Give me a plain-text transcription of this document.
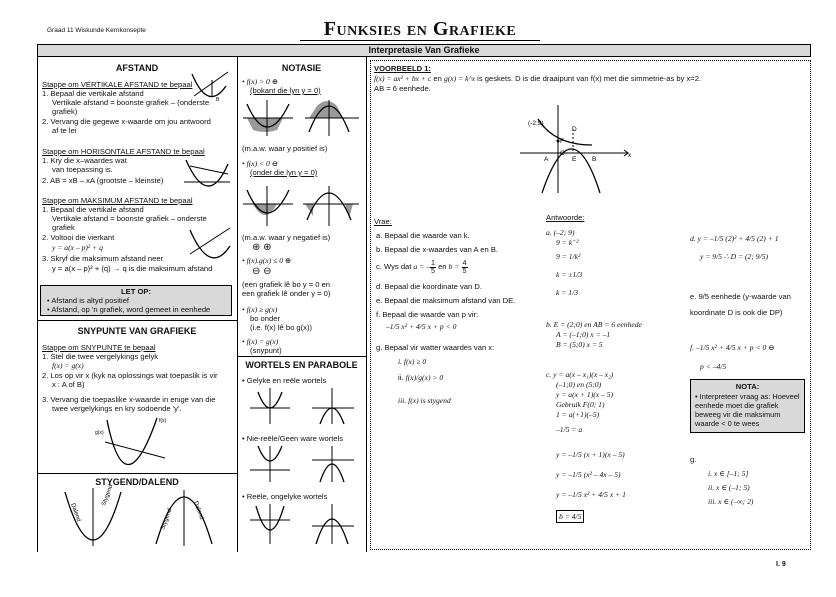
Graad 11 Wiskunde Kernkonsepte	Funksies en Grafieke
Interpretasie Van Grafieke
I. 9
AFSTAND
B
Stappe om VERTIKALE AFSTAND te bepaal
1. Bepaal die vertikale afstand
Vertikale afstand = boonste grafiek – (onderste
grafiek)
2. Vervang die gegewe x-waarde om jou antwoord
af te lei
Stappe om HORISONTALE AFSTAND te bepaal
1. Kry die x–waardes wat
van toepassing is.
2. AB = xB – xA (grootste – kleinste)
Stappe om MAKSIMUM AFSTAND te bepaal
1. Bepaal die vertikale afstand
Vertikale afstand = boonste grafiek – onderste
grafiek
2. Voltooi die vierkant
y = a(x – p)² + q
3. Skryf die maksimum afstand neer
y = a(x – p)² + (q) → q is die maksimum afstand
LET OP:
• Afstand is altyd positief
• Afstand, op 'n grafiek, word gemeet in eenhede
SNYPUNTE VAN GRAFIEKE
Stappe om SNYPUNTE te bepaal
1. Stel die twee vergelykings gelyk
f(x) = g(x)
2. Los op vir x (kyk na oplossings wat toepaslik is vir
x : A of B)
3. Vervang die toepaslike x-waarde in enige van die
twee vergelykings en kry sodoende 'y'.
g(x)
f(x)
STYGEND/DALEND
Dalend
Stygend
Stygend	Dalend
NOTASIE
• f(x) > 0 ⊕
(bokant die lyn y = 0)
(m.a.w. waar y positief is)
• f(x) < 0 ⊖
(onder die lyn y = 0)
(m.a.w. waar y negatief is)
⊕ ⊕
• f(x).g(x) ≤ 0 ⊕
⊖ ⊖
(een grafiek lê bo y = 0 en
een grafiek lê onder y = 0)
• f(x) ≥ g(x)
bo onder
(i.e. f(x) lê bo g(x))
• f(x) = g(x)
(snypunt)
WORTELS EN PARABOLE
• Gelyke en reële wortels
• Nie-reële/Geen ware wortels
• Reële, ongelyke wortels
VOORBEELD 1:
f(x) = ax² + bx + c en g(x) = k^x is geskets. D is die draaipunt van f(x) met die simmetrie-as by x=2.
AB = 6 eenhede.
(-2;9)
D
F
E
A	B
C	x
Vrae:
a. Bepaal die waarde van k.
b. Bepaal die x-waardes van A en B.
c. Wys dat a = – $\frac{1}{5}$ en $b = \frac{4}{5}$
d. Bepaal die koordinate van D.
e. Bepaal die maksimum afstand van DE.
f. Bepaal die waarde van p vir:
–1/5 x² + 4/5 x + p < 0
g. Bepaal vir watter waardes van x:
i. f(x) ≥ 0
ii. f(x)/g(x) > 0
iii. f(x) is stygend
Antwoorde:
a. (–2; 9)
9 = k⁻²
9 = 1/k²
k = ±1/3
k = 1/3
b. E = (2;0) en AB = 6 eenhede
A = (–1;0) x = –1
B = (5;0) x = 5
c. y = a(x – x₁)(x – x₂)
(–1;0) en (5;0)
y = a(x + 1)(x – 5)
Gebruik F(0; 1)
1 = a(+1)(–5)
–1/5 = a
y = –1/5 (x + 1)(x – 5)
y = –1/5 (x² – 4x – 5)
y = –1/5 x² + 4/5 x + 1
b = 4/5
d. y = –1/5 (2)² + 4/5 (2) + 1
y = 9/5 ∴ D = (2; 9/5)
e. 9/5 eenhede (y-waarde van
koordinate D is ook die DP)
f. –1/5 x² + 4/5 x + p < 0 ⊖
p < –4/5
NOTA:
• Interpreteer vraag as: Hoeveel eenhede moet die grafiek beweeg vir die maksimum waarde < 0 te wees
g.
i. x ∈ [–1; 5]
ii. x ∈ (–1; 5)
iii. x ∈ (–∞; 2)
